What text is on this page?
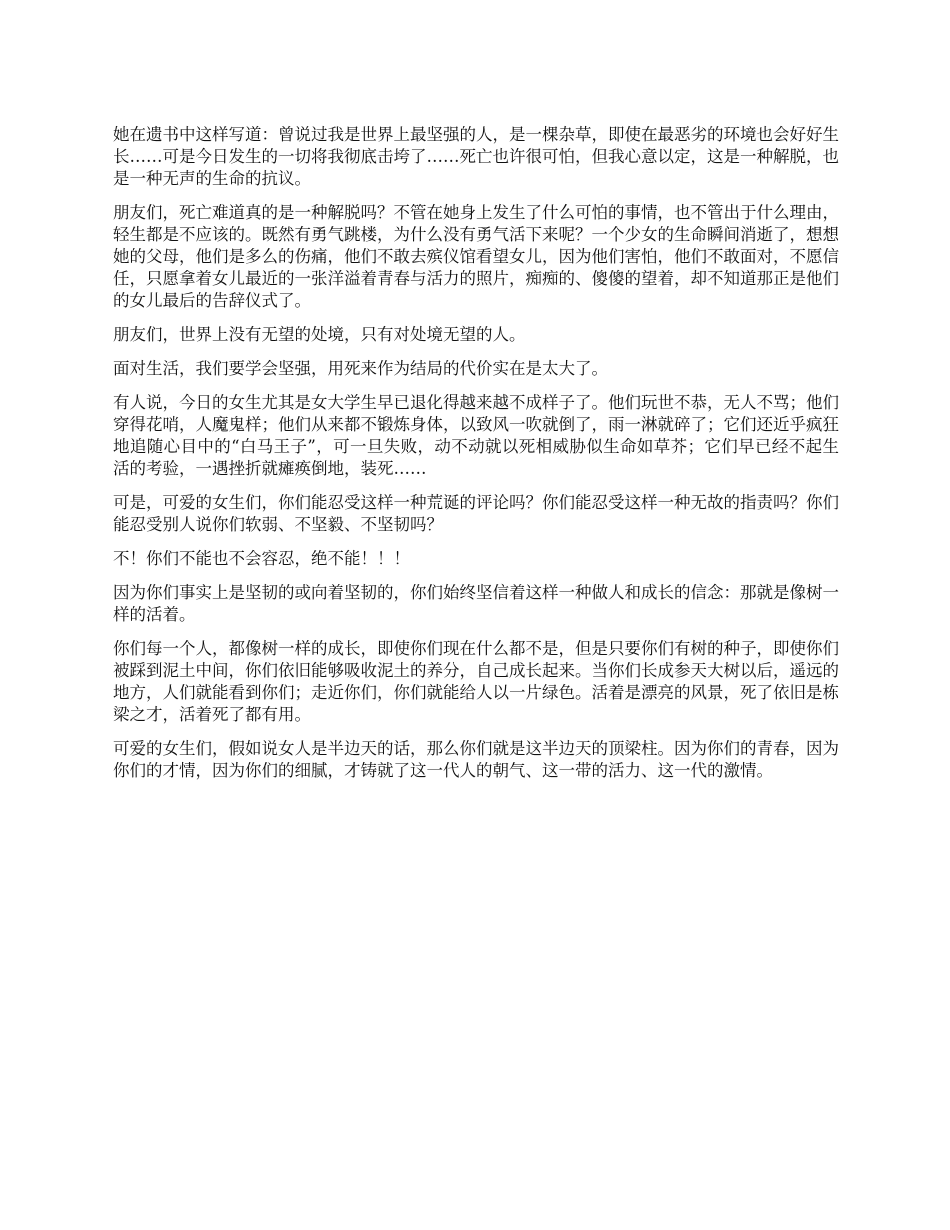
她在遗书中这样写道：曾说过我是世界上最坚强的人，是一棵杂草，即使在最恶劣的环境也会好好生长……可是今日发生的一切将我彻底击垮了……死亡也许很可怕，但我心意以定，这是一种解脱，也是一种无声的生命的抗议。

朋友们，死亡难道真的是一种解脱吗？不管在她身上发生了什么可怕的事情，也不管出于什么理由，轻生都是不应该的。既然有勇气跳楼，为什么没有勇气活下来呢？一个少女的生命瞬间消逝了，想想她的父母，他们是多么的伤痛，他们不敢去殡仪馆看望女儿，因为他们害怕，他们不敢面对，不愿信任，只愿拿着女儿最近的一张洋溢着青春与活力的照片，痴痴的、傻傻的望着，却不知道那正是他们的女儿最后的告辞仪式了。

朋友们，世界上没有无望的处境，只有对处境无望的人。

面对生活，我们要学会坚强，用死来作为结局的代价实在是太大了。

有人说，今日的女生尤其是女大学生早已退化得越来越不成样子了。他们玩世不恭，无人不骂；他们穿得花哨，人魔鬼样；他们从来都不锻炼身体，以致风一吹就倒了，雨一淋就碎了；它们还近乎疯狂地追随心目中的“白马王子”，可一旦失败，动不动就以死相威胁似生命如草芥；它们早已经不起生活的考验，一遇挫折就瘫痪倒地，装死……

可是，可爱的女生们，你们能忍受这样一种荒诞的评论吗？你们能忍受这样一种无故的指责吗？你们能忍受别人说你们软弱、不坚毅、不坚韧吗？

不！你们不能也不会容忍，绝不能！！！

因为你们事实上是坚韧的或向着坚韧的，你们始终坚信着这样一种做人和成长的信念：那就是像树一样的活着。

你们每一个人，都像树一样的成长，即使你们现在什么都不是，但是只要你们有树的种子，即使你们被踩到泥土中间，你们依旧能够吸收泥土的养分，自己成长起来。当你们长成参天大树以后，遥远的地方，人们就能看到你们；走近你们，你们就能给人以一片绿色。活着是漂亮的风景，死了依旧是栋梁之才，活着死了都有用。

可爱的女生们，假如说女人是半边天的话，那么你们就是这半边天的顶梁柱。因为你们的青春，因为你们的才情，因为你们的细腻，才铸就了这一代人的朝气、这一带的活力、这一代的激情。
